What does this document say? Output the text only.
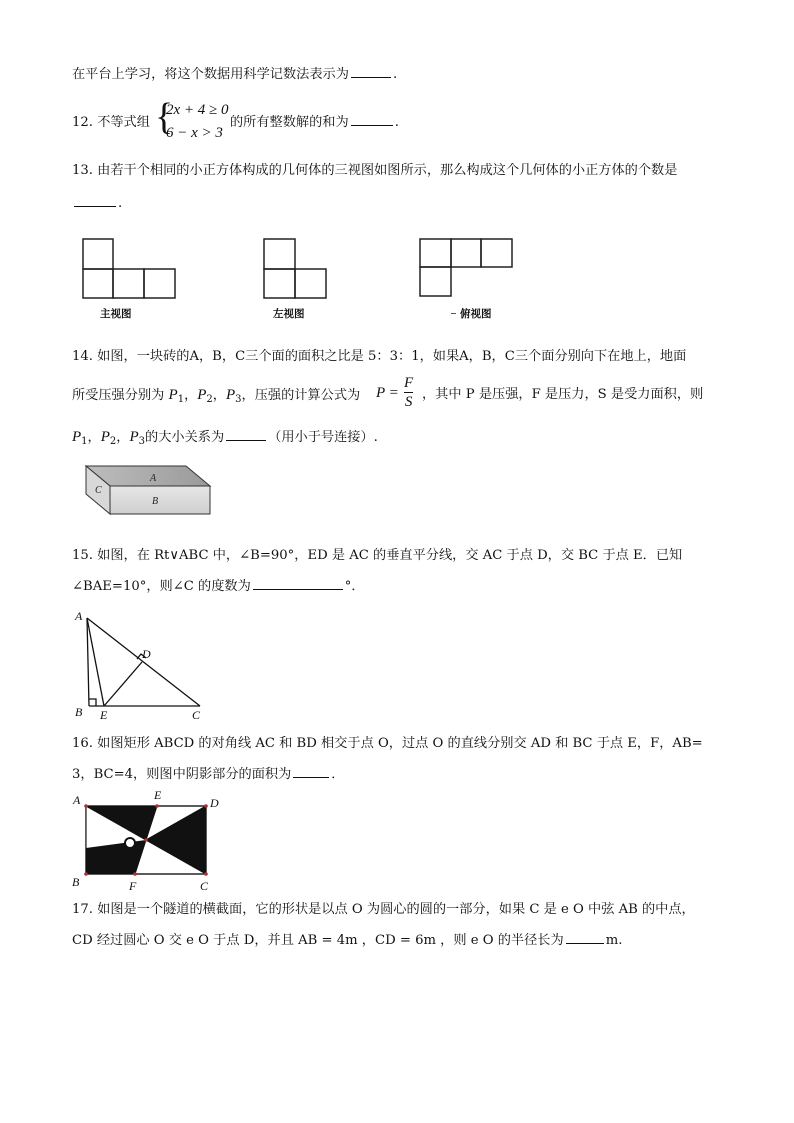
在平台上学习，将这个数据用科学记数法表示为	.
12. 不等式组 {
2x + 4 ≥ 0
6 − x > 3
的所有整数解的和为	.
13. 由若干个相同的小正方体构成的几何体的三视图如图所示，那么构成这个几何体的小正方体的个数是
.
主视图	左视图	俯视图
14. 如图，一块砖的A，B，C三个面的面积之比是 5：3：1，如果A，B，C三个面分别向下在地上，地面
所受压强分别为 $P_1$，$P_2$，$P_3$，压强的计算公式为 $P = \frac{F}{S}$ ，其中 P 是压强，F 是压力，S 是受力面积，则
$P_1$，$P_2$，$P_3$的大小关系为	（用小于号连接）.
A
B
C
15. 如图，在 Rt∨ABC 中，∠B=90°，ED 是 AC 的垂直平分线，交 AC 于点 D，交 BC 于点 E．已知
∠BAE=10°，则∠C 的度数为	°．
A
D
B E	C
16. 如图矩形 ABCD 的对角线 AC 和 BD 相交于点 O，过点 O 的直线分别交 AD 和 BC 于点 E，F，AB=
3，BC=4，则图中阴影部分的面积为	．
A	E
D
B	F	C
17. 如图是一个隧道的横截面，它的形状是以点 O 为圆心的圆的一部分，如果 C 是 e O 中弦 AB 的中点，
CD 经过圆心 O 交 e O 于点 D，并且 AB = 4m ，CD = 6m ，则 e O 的半径长为	m.
